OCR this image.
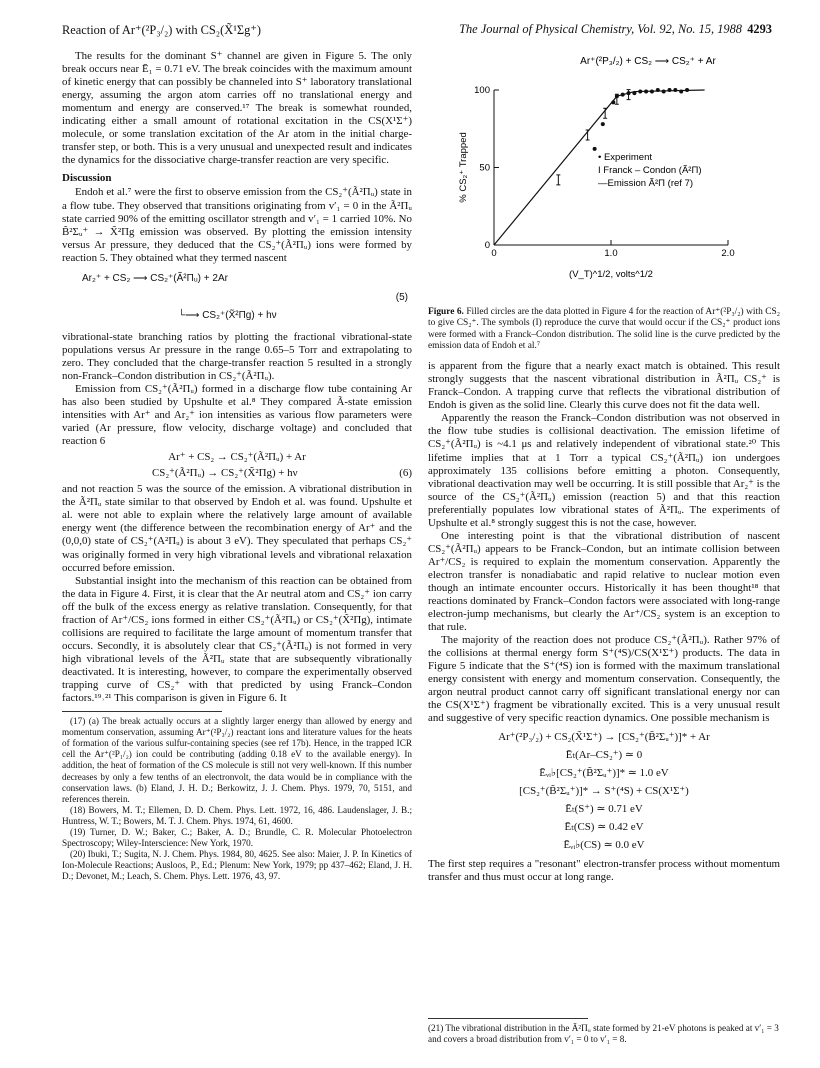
Reaction of Ar⁺(²P₃/₂) with CS₂(X̃¹Σg⁺)	The Journal of Physical Chemistry, Vol. 92, No. 15, 1988 4293

The results for the dominant S⁺ channel are given in Figure 5. The only break occurs near Ē₁ = 0.71 eV. The break coincides with the maximum amount of kinetic energy that can possibly be channeled into S⁺ laboratory translational energy, assuming the argon atom carries off no translational energy and momentum and energy are conserved.¹⁷ The break is somewhat rounded, indicating either a small amount of rotational excitation in the CS(X¹Σ⁺) molecule, or some translation excitation of the Ar atom in the initial charge-transfer step, or both. This is a very unusual and unexpected result and indicates the dynamics for the dissociative charge-transfer reaction are very specific.

Discussion

Endoh et al.⁷ were the first to observe emission from the CS₂⁺(Ã²Πᵤ) state in a flow tube. They observed that transitions originating from v′₁ = 0 in the Ã²Πᵤ state carried 90% of the emitting oscillator strength and v′₁ = 1 carried 10%. No B̃²Σᵤ⁺ → X̃²Πg emission was observed. By plotting the emission intensity versus Ar pressure, they deduced that the CS₂⁺(Ã²Πᵤ) ions were formed by reaction 5. They obtained what they termed nascent

Ar₂⁺ + CS₂ ⟶ CS₂⁺(Ã²Πᵤ) + 2Ar
(5)
└⟶ CS₂⁺(X̃²Πg) + hν

vibrational-state branching ratios by plotting the fractional vibrational-state populations versus Ar pressure in the range 0.65–5 Torr and extrapolating to zero. They concluded that the charge-transfer reaction 5 resulted in a strongly non-Franck–Condon distribution in CS₂⁺(Ã²Πᵤ).

Emission from CS₂⁺(Ã²Πᵤ) formed in a discharge flow tube containing Ar has also been studied by Upshulte et al.⁸ They compared Ã-state emission intensities with Ar⁺ and Ar₂⁺ ion intensities as various flow parameters were varied (Ar pressure, flow velocity, discharge voltage) and concluded that reaction 6

Ar⁺ + CS₂ → CS₂⁺(Ã²Πᵤ) + Ar
CS₂⁺(Ã²Πᵤ) → CS₂⁺(X̃²Πg) + hν	(6)

and not reaction 5 was the source of the emission. A vibrational distribution in the Ã²Πᵤ state similar to that observed by Endoh et al. was found. Upshulte et al. were not able to explain where the relatively large amount of available energy went (the difference between the recombination energy of Ar⁺ and the (0,0,0) state of CS₂⁺(A²Πᵤ) is about 3 eV). They speculated that perhaps CS₂⁺ was originally formed in very high vibrational levels and vibrational relaxation occurred before emission.

Substantial insight into the mechanism of this reaction can be obtained from the data in Figure 4. First, it is clear that the Ar neutral atom and CS₂⁺ ion carry off the bulk of the excess energy as relative translation. Consequently, for that fraction of Ar⁺/CS₂ ions formed in either CS₂⁺(Ã²Πᵤ) or CS₂⁺(X̃²Πg), intimate collisions are required to facilitate the large amount of momentum transfer that occurs. Secondly, it is absolutely clear that CS₂⁺(Ã²Πᵤ) is not formed in very high vibrational levels of the Ã²Πᵤ state that are subsequently vibrationally deactivated. It is interesting, however, to compare the experimentally observed trapping curve of CS₂⁺ with that predicted by using Franck–Condon factors.¹⁹˒²¹ This comparison is given in Figure 6. It

(17) (a) The break actually occurs at a slightly larger energy than allowed by energy and momentum conservation, assuming Ar⁺(²P₃/₂) reactant ions and literature values for the heats of formation of the various sulfur-containing species (see ref 17b). Hence, in the trapped ICR cell the Ar⁺(²P₁/₂) ion could be contributing (adding 0.18 eV to the available energy). In addition, the heat of formation of the CS molecule is still not very well-known. If this number decreases by only a few tenths of an electronvolt, the data would be in compliance with the conservation laws. (b) Eland, J. H. D.; Berkowitz, J. J. Chem. Phys. 1979, 70, 5151, and references therein.

(18) Bowers, M. T.; Ellemen, D. D. Chem. Phys. Lett. 1972, 16, 486. Laudenslager, J. B.; Huntress, W. T.; Bowers, M. T. J. Chem. Phys. 1974, 61, 4600.

(19) Turner, D. W.; Baker, C.; Baker, A. D.; Brundle, C. R. Molecular Photoelectron Spectroscopy; Wiley-Interscience: New York, 1970.

(20) Ibuki, T.; Sugita, N. J. Chem. Phys. 1984, 80, 4625. See also: Maier, J. P. In Kinetics of Ion-Molecule Reactions; Ausloos, P., Ed.; Plenum: New York, 1979; pp 437–462; Eland, J. H. D.; Devonet, M.; Leach, S. Chem. Phys. Lett. 1976, 43, 97.

Ar⁺(²P₃/₂) + CS₂ ⟶ CS₂⁺ + Ar
0	1.0	2.0
0
50
100
(V_T)^1/2, volts^1/2
% CS₂⁺ Trapped	• Experiment
I Franck – Condon (Ã²Π)
—Emission Ã²Π (ref 7)
Figure 6. Filled circles are the data plotted in Figure 4 for the reaction of Ar⁺(²P₃/₂) with CS₂ to give CS₂⁺. The symbols (I) reproduce the curve that would occur if the CS₂⁺ product ions were formed with a Franck–Condon distribution. The solid line is the curve predicted by the emission data of Endoh et al.⁷

is apparent from the figure that a nearly exact match is obtained. This result strongly suggests that the nascent vibrational distribution in Ã²Πᵤ CS₂⁺ is Franck–Condon. A trapping curve that reflects the vibrational distribution of Endoh is given as the solid line. Clearly this curve does not fit the data well.

Apparently the reason the Franck–Condon distribution was not observed in the flow tube studies is collisional deactivation. The emission lifetime of CS₂⁺(Ã²Πᵤ) is ~4.1 μs and relatively independent of vibrational state.²⁰ This lifetime implies that at 1 Torr a typical CS₂⁺(Ã²Πᵤ) ion undergoes approximately 135 collisions before emitting a photon. Consequently, vibrational deactivation may well be occurring. It is still possible that Ar₂⁺ is the source of the CS₂⁺(Ã²Πᵤ) emission (reaction 5) and that this reaction preferentially populates low vibrational states of Ã²Πᵤ. The experiments of Upshulte et al.⁸ strongly suggest this is not the case, however.

One interesting point is that the vibrational distribution of nascent CS₂⁺(Ã²Πᵤ) appears to be Franck–Condon, but an intimate collision between Ar⁺/CS₂ is required to explain the momentum conservation. Apparently the electron transfer is nonadiabatic and rapid relative to nuclear motion even though an intimate encounter occurs. Historically it has been thought¹⁸ that reactions dominated by Franck–Condon factors were associated with long-range electron-jump mechanisms, but clearly the Ar⁺/CS₂ system is an exception to that rule.

The majority of the reaction does not produce CS₂⁺(Ã²Πᵤ). Rather 97% of the collisions at thermal energy form S⁺(⁴S)/CS(X¹Σ⁺) products. The data in Figure 5 indicate that the S⁺(⁴S) ion is formed with the maximum translational energy consistent with energy and momentum conservation. Consequently, the argon neutral product cannot carry off significant translational energy nor can the CS(X¹Σ⁺) fragment be vibrationally excited. This is a very unusual result and suggestive of very specific reaction dynamics. One possible mechanism is

Ar⁺(²P₃/₂) + CS₂(X̃¹Σ⁺) → [CS₂⁺(B̃²Σᵤ⁺)]* + Ar
Ēₜ(Ar–CS₂⁺) ≃ 0
Ēᵥᵢ♭[CS₂⁺(B̃²Σᵤ⁺)]* ≃ 1.0 eV
[CS₂⁺(B̃²Σᵤ⁺)]* → S⁺(⁴S) + CS(X¹Σ⁺)
Ēₜ(S⁺) ≃ 0.71 eV
Ēₜ(CS) ≃ 0.42 eV
Ēᵥᵢ♭(CS) ≃ 0.0 eV

The first step requires a "resonant" electron-transfer process without momentum transfer and thus must occur at long range.

(21) The vibrational distribution in the Ã²Πᵤ state formed by 21-eV photons is peaked at v′₁ = 3 and covers a broad distribution from v′₁ = 0 to v′₁ = 8.
